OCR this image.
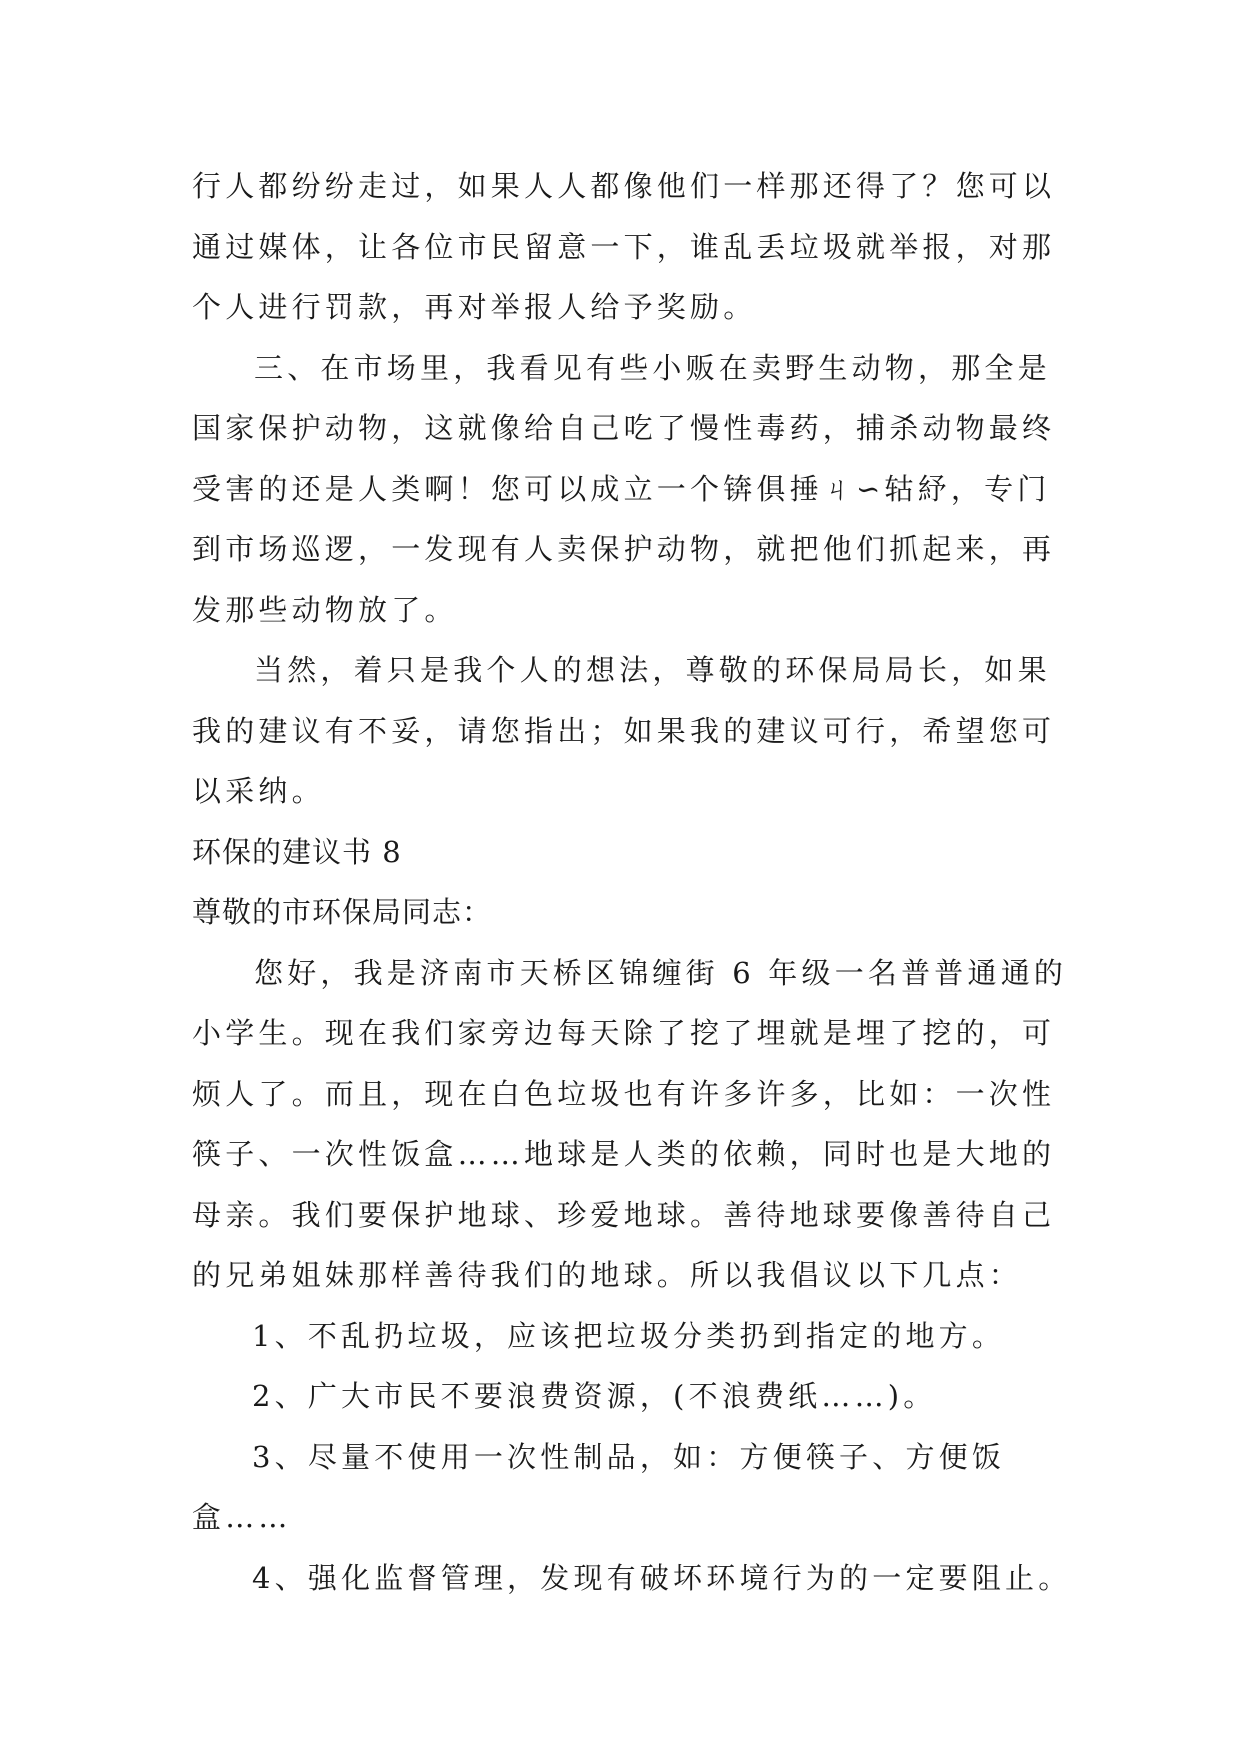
行人都纷纷走过，如果人人都像他们一样那还得了？您可以
通过媒体，让各位市民留意一下，谁乱丢垃圾就举报，对那
个人进行罚款，再对举报人给予奖励。
三、在市场里，我看见有些小贩在卖野生动物，那全是
国家保护动物，这就像给自己吃了慢性毒药，捕杀动物最终
受害的还是人类啊！您可以成立一个锛俱捶ㄐ∽轱紓，专门
到市场巡逻，一发现有人卖保护动物，就把他们抓起来，再
发那些动物放了。
当然，着只是我个人的想法，尊敬的环保局局长，如果
我的建议有不妥，请您指出；如果我的建议可行，希望您可
以采纳。
环保的建议书 8
尊敬的市环保局同志：
您好，我是济南市天桥区锦缠街 6 年级一名普普通通的
小学生。现在我们家旁边每天除了挖了埋就是埋了挖的，可
烦人了。而且，现在白色垃圾也有许多许多，比如：一次性
筷子、一次性饭盒……地球是人类的依赖，同时也是大地的
母亲。我们要保护地球、珍爱地球。善待地球要像善待自己
的兄弟姐妹那样善待我们的地球。所以我倡议以下几点：
1、不乱扔垃圾，应该把垃圾分类扔到指定的地方。
2、广大市民不要浪费资源，(不浪费纸……)。
3、尽量不使用一次性制品，如：方便筷子、方便饭
盒……
4、强化监督管理，发现有破坏环境行为的一定要阻止。
